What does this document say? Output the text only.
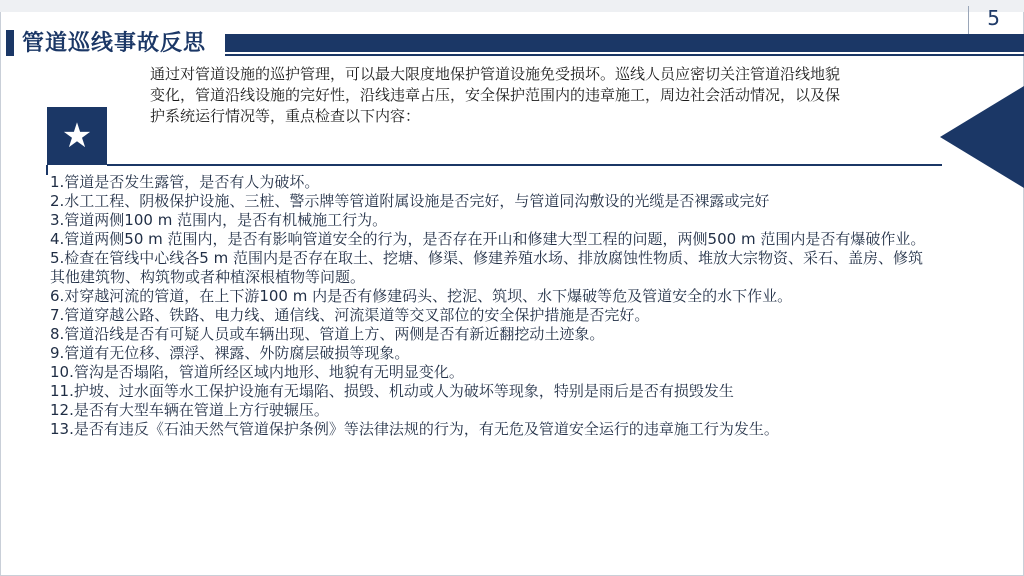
5
管道巡线事故反思
通过对管道设施的巡护管理，可以最大限度地保护管道设施免受损坏。巡线人员应密切关注管道沿线地貌变化，管道沿线设施的完好性，沿线违章占压，安全保护范围内的违章施工，周边社会活动情况，以及保护系统运行情况等，重点检查以下内容：
★
1.管道是否发生露管，是否有人为破坏。
2.水工工程、阴极保护设施、三桩、警示牌等管道附属设施是否完好，与管道同沟敷设的光缆是否裸露或完好
3.管道两侧100 m 范围内，是否有机械施工行为。
4.管道两侧50 m 范围内，是否有影响管道安全的行为，是否存在开山和修建大型工程的问题，两侧500 m 范围内是否有爆破作业。
5.检查在管线中心线各5 m 范围内是否存在取土、挖塘、修渠、修建养殖水场、排放腐蚀性物质、堆放大宗物资、采石、盖房、修筑其他建筑物、构筑物或者种植深根植物等问题。
6.对穿越河流的管道，在上下游100 m 内是否有修建码头、挖泥、筑坝、水下爆破等危及管道安全的水下作业。
7.管道穿越公路、铁路、电力线、通信线、河流渠道等交叉部位的安全保护措施是否完好。
8.管道沿线是否有可疑人员或车辆出现、管道上方、两侧是否有新近翻挖动土迹象。
9.管道有无位移、漂浮、裸露、外防腐层破损等现象。
10.管沟是否塌陷，管道所经区域内地形、地貌有无明显变化。
11.护坡、过水面等水工保护设施有无塌陷、损毁、机动或人为破坏等现象，特别是雨后是否有损毁发生
12.是否有大型车辆在管道上方行驶辗压。
13.是否有违反《石油天然气管道保护条例》等法律法规的行为，有无危及管道安全运行的违章施工行为发生。
